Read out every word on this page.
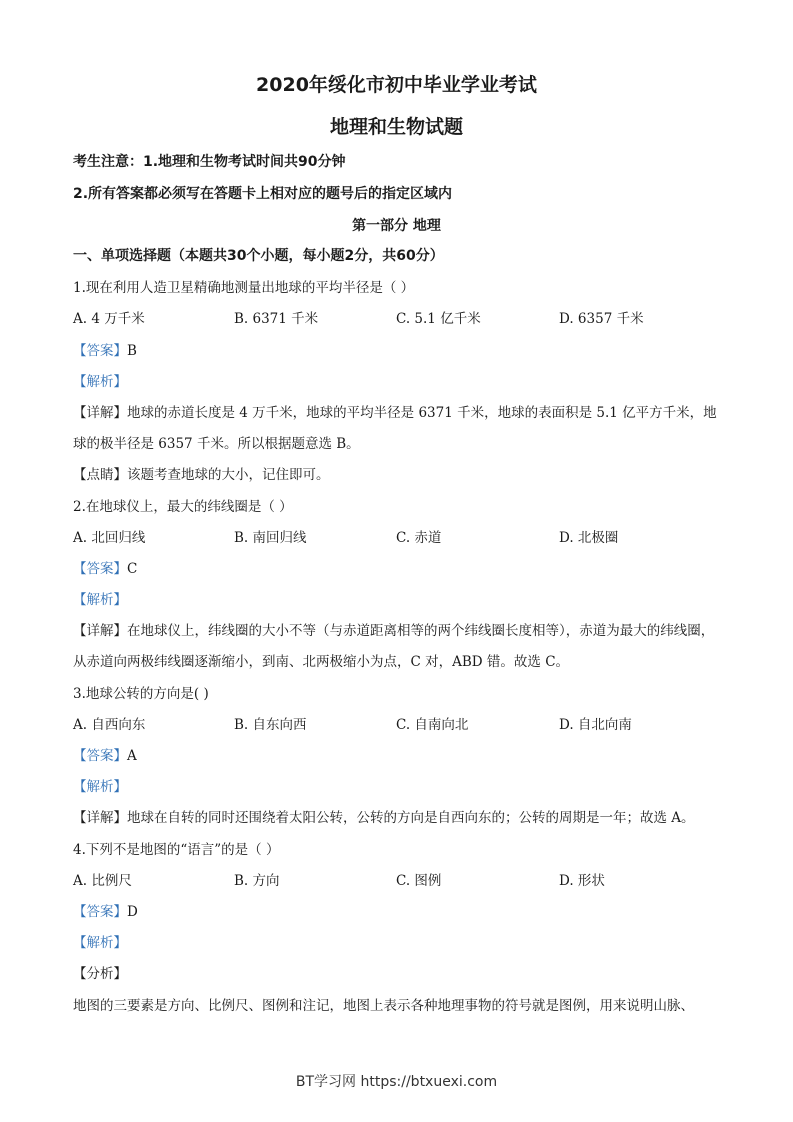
2020年绥化市初中毕业学业考试
地理和生物试题
考生注意：1.地理和生物考试时间共90分钟
2.所有答案都必须写在答题卡上相对应的题号后的指定区域内
第一部分 地理
一、单项选择题（本题共30个小题，每小题2分，共60分）
1.现在利用人造卫星精确地测量出地球的平均半径是（ ）
A. 4 万千米	B. 6371 千米	C. 5.1 亿千米	D. 6357 千米
【答案】B
【解析】
【详解】地球的赤道长度是 4 万千米，地球的平均半径是 6371 千米，地球的表面积是 5.1 亿平方千米，地
球的极半径是 6357 千米。所以根据题意选 B。
【点睛】该题考查地球的大小，记住即可。
2.在地球仪上，最大的纬线圈是（ ）
A. 北回归线	B. 南回归线	C. 赤道	D. 北极圈
【答案】C
【解析】
【详解】在地球仪上，纬线圈的大小不等（与赤道距离相等的两个纬线圈长度相等），赤道为最大的纬线圈，
从赤道向两极纬线圈逐渐缩小，到南、北两极缩小为点，C 对，ABD 错。故选 C。
3.地球公转的方向是( )
A. 自西向东	B. 自东向西	C. 自南向北	D. 自北向南
【答案】A
【解析】
【详解】地球在自转的同时还围绕着太阳公转，公转的方向是自西向东的；公转的周期是一年；故选 A。
4.下列不是地图的“语言”的是（ ）
A. 比例尺	B. 方向	C. 图例	D. 形状
【答案】D
【解析】
【分析】
地图的三要素是方向、比例尺、图例和注记，地图上表示各种地理事物的符号就是图例，用来说明山脉、
BT学习网 https://btxuexi.com
